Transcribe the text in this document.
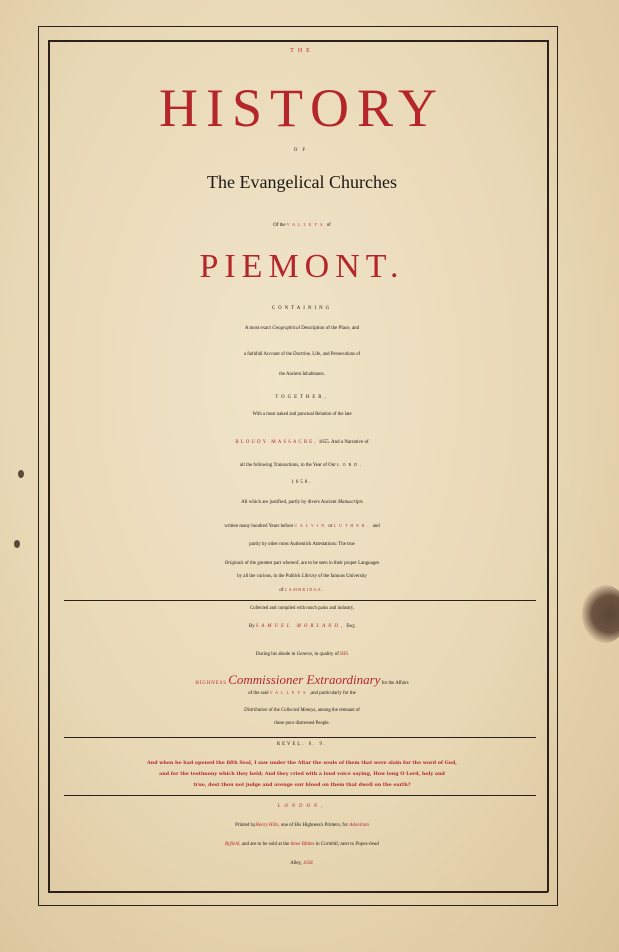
THE
HISTORY
OF
The Evangelical Churches
Of the VALLEYS of
PIEMONT.
CONTAINING
A most exact Geographical Description of the Place, and
a faithfull Account of the Doctrine, Life, and Persecutions of
the Ancient Inhabitants.
TOGETHER,
With a most naked and punctual Relation of the late
BLOUDY MASSACRE, 1655. And a Narrative of
all the following Transactions, to the Year of Our LORD,
1658.
All which are justified, partly by divers Ancient Manuscripts
written many hundred Years before CALVIN or LUTHER, and
partly by other most Authentick Attestations: The true
Originals of the greatest part whereof, are to be seen in their proper Languages
by all the curious, in the Publick Library of the famous University
of CAMBRIDGE.
Collected and compiled with much pains and industry,
By SAMUEL MORLAND, Esq;
During his abode in Geneva, in quality of HIS
HIGHNESS Commissioner Extraordinary for the Affairs
of the said VALLEYS ,and particularly for the
Distribution of the Collected Moneys, among the remnant of
those poor distressed People.
REVEL. 6. 9.
And when he had opened the fifth Seal, I saw under the Altar the souls of them that were slain for the word of God,
and for the testimony which they held; And they cried with a loud voice saying, How long O Lord, holy and
true, dost thou not judge and avenge our blood on them that dwell on the earth?
LONDON,
Printed byHenry Hills, one of His Highness's Printers, for Adoniram
Byfield, and are to be sold at the three Bibles in Cornhill, next to Popes-head
Alley, 1658.
